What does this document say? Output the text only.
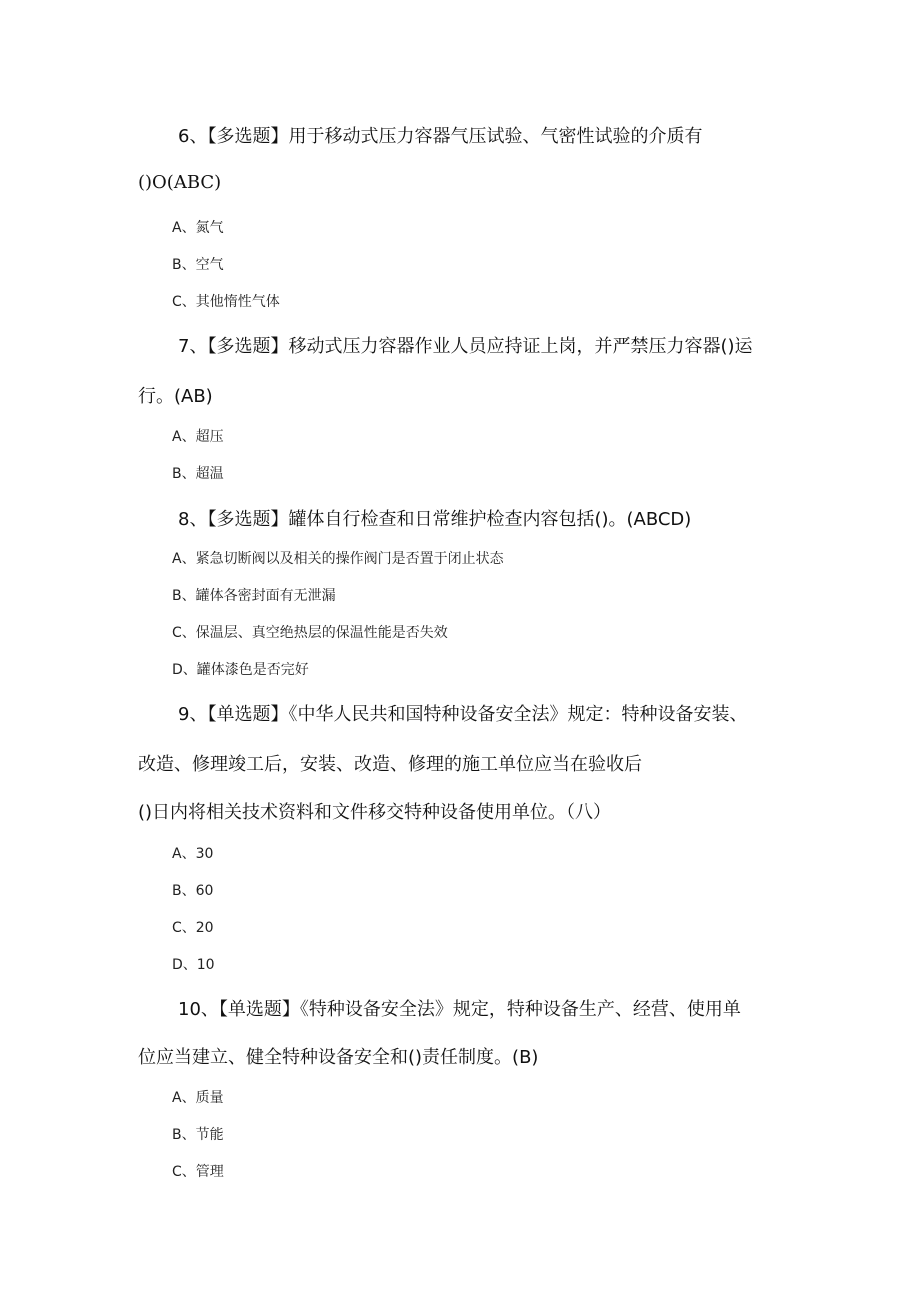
6、【多选题】用于移动式压力容器气压试验、气密性试验的介质有
()O(ABC)
A、氮气
B、空气
C、其他惰性气体
7、【多选题】移动式压力容器作业人员应持证上岗，并严禁压力容器()运
行。(AB)
A、超压
B、超温
8、【多选题】罐体自行检查和日常维护检查内容包括()。(ABCD)
A、紧急切断阀以及相关的操作阀门是否置于闭止状态
B、罐体各密封面有无泄漏
C、保温层、真空绝热层的保温性能是否失效
D、罐体漆色是否完好
9、【单选题】《中华人民共和国特种设备安全法》规定：特种设备安装、
改造、修理竣工后，安装、改造、修理的施工单位应当在验收后
()日内将相关技术资料和文件移交特种设备使用单位。（八）
A、30
B、60
C、20
D、10
10、【单选题】《特种设备安全法》规定，特种设备生产、经营、使用单
位应当建立、健全特种设备安全和()责任制度。(B)
A、质量
B、节能
C、管理
